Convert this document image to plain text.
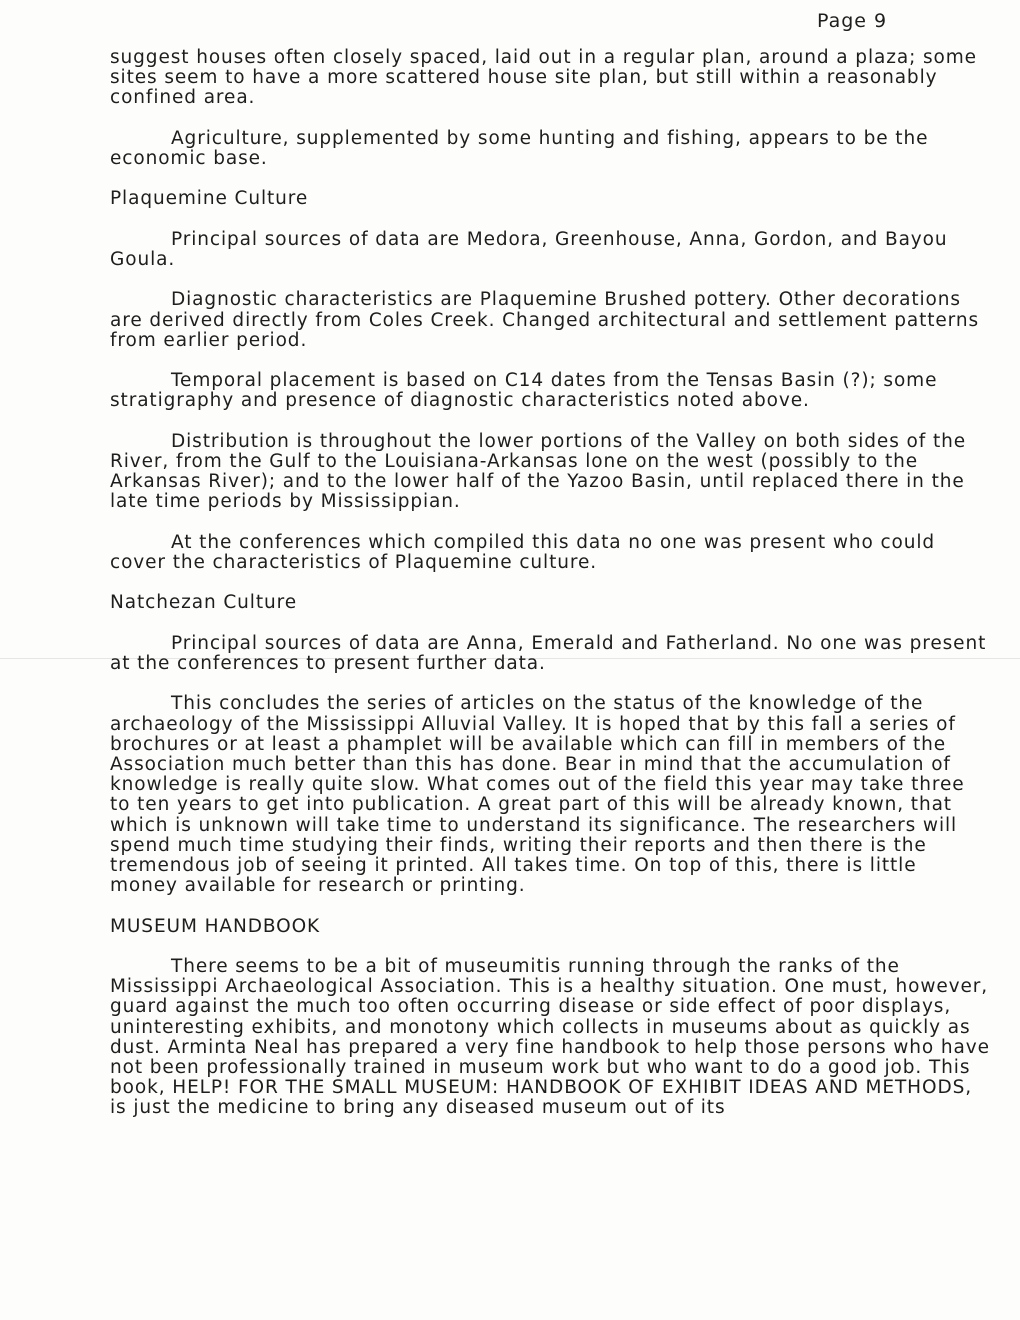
Page 9

suggest houses often closely spaced, laid out in a regular plan, around a plaza; some sites seem to have a more scattered house site plan, but still within a reasonably confined area.

Agriculture, supplemented by some hunting and fishing, appears to be the economic base.

Plaquemine Culture

Principal sources of data are Medora, Greenhouse, Anna, Gordon, and Bayou Goula.

Diagnostic characteristics are Plaquemine Brushed pottery. Other decorations are derived directly from Coles Creek. Changed architectural and settlement patterns from earlier period.

Temporal placement is based on C14 dates from the Tensas Basin (?); some stratigraphy and presence of diagnostic characteristics noted above.

Distribution is throughout the lower portions of the Valley on both sides of the River, from the Gulf to the Louisiana-Arkansas lone on the west (possibly to the Arkansas River); and to the lower half of the Yazoo Basin, until replaced there in the late time periods by Mississippian.

At the conferences which compiled this data no one was present who could cover the characteristics of Plaquemine culture.

Natchezan Culture

Principal sources of data are Anna, Emerald and Fatherland. No one was present at the conferences to present further data.

This concludes the series of articles on the status of the knowledge of the archaeology of the Mississippi Alluvial Valley. It is hoped that by this fall a series of brochures or at least a phamplet will be available which can fill in members of the Association much better than this has done. Bear in mind that the accumulation of knowledge is really quite slow. What comes out of the field this year may take three to ten years to get into publication. A great part of this will be already known, that which is unknown will take time to understand its significance. The researchers will spend much time studying their finds, writing their reports and then there is the tremendous job of seeing it printed. All takes time. On top of this, there is little money available for research or printing.

MUSEUM HANDBOOK

There seems to be a bit of museumitis running through the ranks of the Mississippi Archaeological Association. This is a healthy situation. One must, however, guard against the much too often occurring disease or side effect of poor displays, uninteresting exhibits, and monotony which collects in museums about as quickly as dust. Arminta Neal has prepared a very fine handbook to help those persons who have not been professionally trained in museum work but who want to do a good job. This book, HELP! FOR THE SMALL MUSEUM: HANDBOOK OF EXHIBIT IDEAS AND METHODS, is just the medicine to bring any diseased museum out of its
